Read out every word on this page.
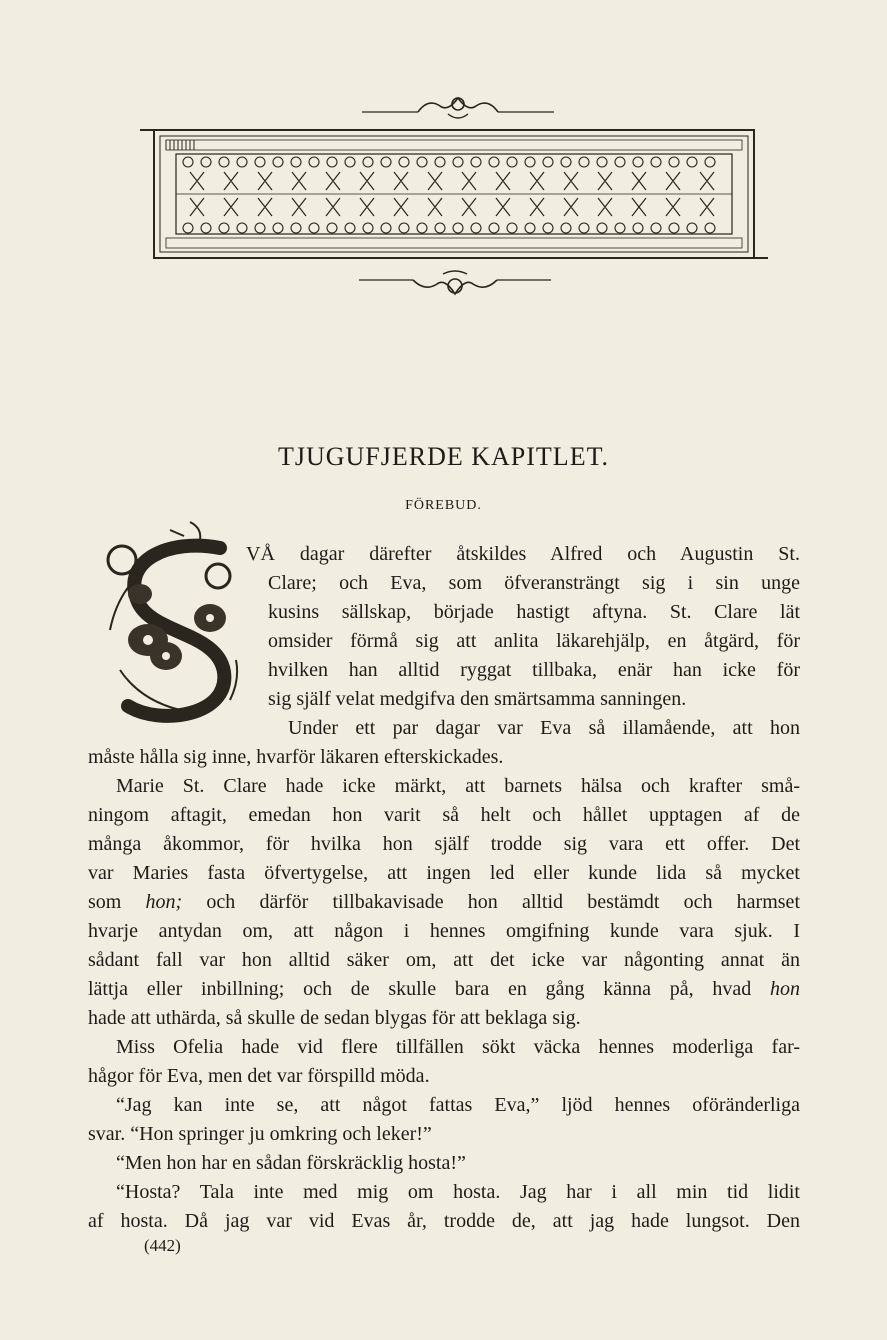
TJUGUFJERDE KAPITLET.
FÖREBUD.
VÅ dagar därefter åtskildes Alfred och Augustin St.
Clare; och Eva, som öfveransträngt sig i sin unge
kusins sällskap, började hastigt aftyna. St. Clare lät
omsider förmå sig att anlita läkarehjälp, en åtgärd, för
hvilken han alltid ryggat tillbaka, enär han icke för
sig själf velat medgifva den smärtsamma sanningen.
Under ett par dagar var Eva så illamående, att hon
måste hålla sig inne, hvarför läkaren efterskickades.
Marie St. Clare hade icke märkt, att barnets hälsa och krafter små-
ningom aftagit, emedan hon varit så helt och hållet upptagen af de
många åkommor, för hvilka hon själf trodde sig vara ett offer. Det
var Maries fasta öfvertygelse, att ingen led eller kunde lida så mycket
som hon; och därför tillbakavisade hon alltid bestämdt och harmset
hvarje antydan om, att någon i hennes omgifning kunde vara sjuk. I
sådant fall var hon alltid säker om, att det icke var någonting annat än
lättja eller inbillning; och de skulle bara en gång känna på, hvad hon
hade att uthärda, så skulle de sedan blygas för att beklaga sig.
Miss Ofelia hade vid flere tillfällen sökt väcka hennes moderliga far-
hågor för Eva, men det var förspilld möda.
“Jag kan inte se, att något fattas Eva,” ljöd hennes oföränderliga
svar. “Hon springer ju omkring och leker!”
“Men hon har en sådan förskräcklig hosta!”
“Hosta? Tala inte med mig om hosta. Jag har i all min tid lidit
af hosta. Då jag var vid Evas år, trodde de, att jag hade lungsot. Den
(442)
